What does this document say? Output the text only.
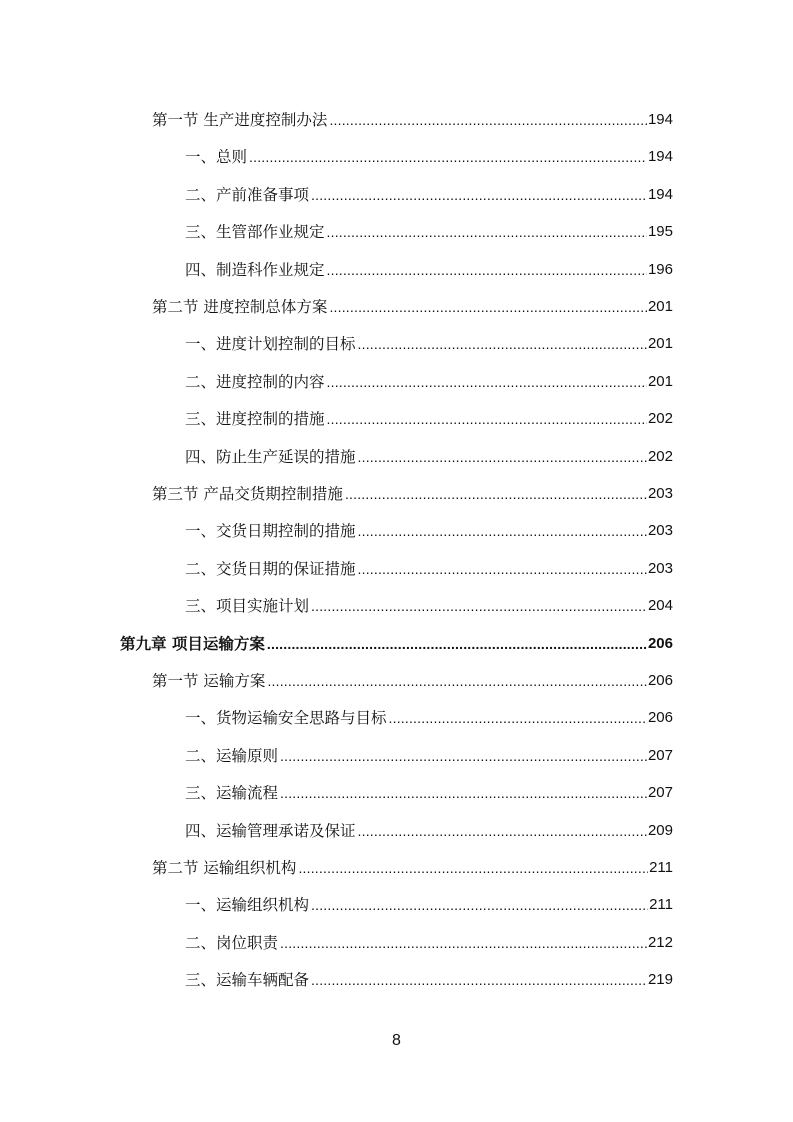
第一节 生产进度控制办法 .....	194
一、总则 .....	194
二、产前准备事项 .....	194
三、生管部作业规定 .....	195
四、制造科作业规定 .....	196
第二节 进度控制总体方案 .....	201
一、进度计划控制的目标 .....	201
二、进度控制的内容 .....	201
三、进度控制的措施 .....	202
四、防止生产延误的措施 .....	202
第三节 产品交货期控制措施 .....	203
一、交货日期控制的措施 .....	203
二、交货日期的保证措施 .....	203
三、项目实施计划 .....	204
第九章 项目运输方案 .....	206
第一节 运输方案 .....	206
一、货物运输安全思路与目标 .....	206
二、运输原则 .....	207
三、运输流程 .....	207
四、运输管理承诺及保证 .....	209
第二节 运输组织机构 .....	211
一、运输组织机构 .....	211
二、岗位职责 .....	212
三、运输车辆配备 .....	219
8
